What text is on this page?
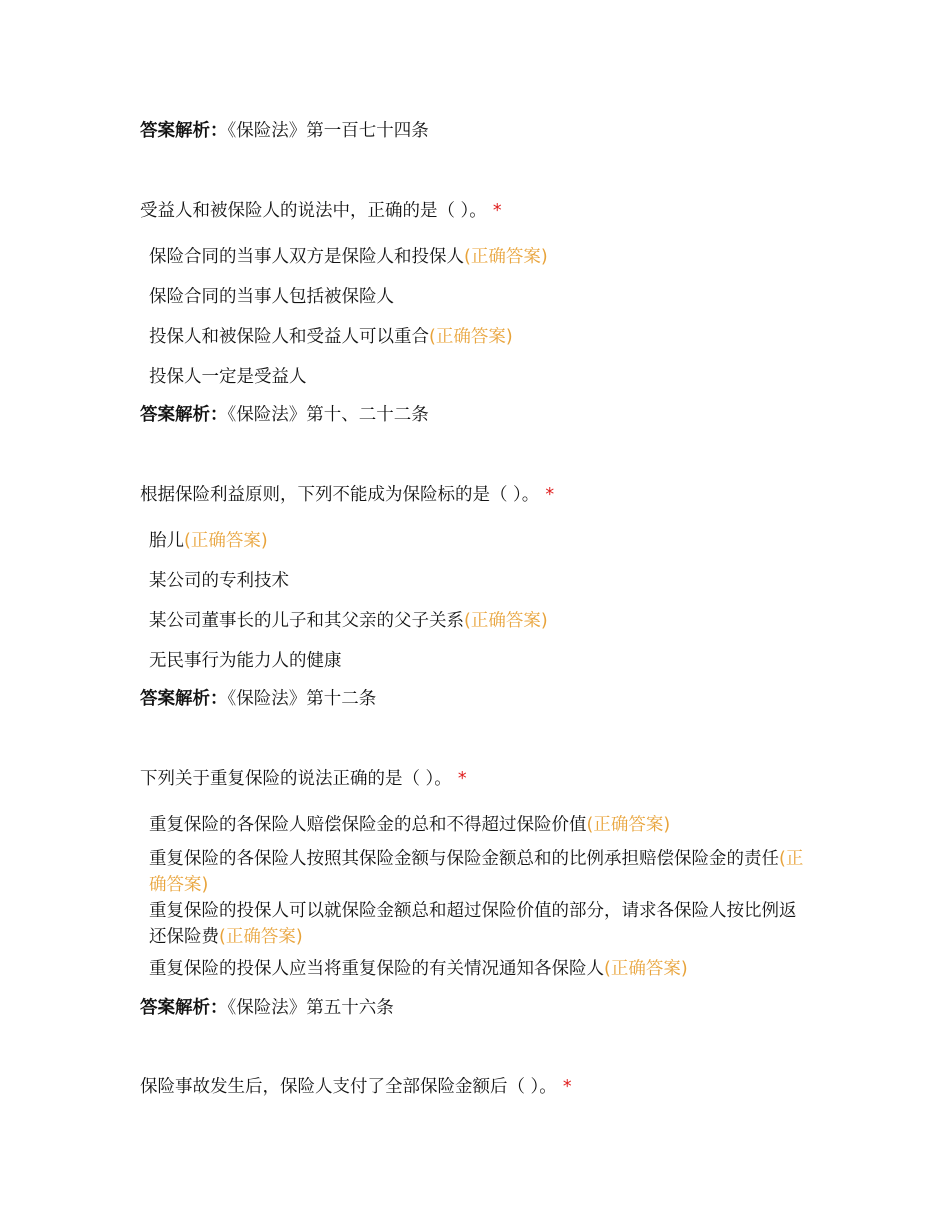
答案解析：《保险法》第一百七十四条
受益人和被保险人的说法中，正确的是（ ）。 *
保险合同的当事人双方是保险人和投保人(正确答案)
保险合同的当事人包括被保险人
投保人和被保险人和受益人可以重合(正确答案)
投保人一定是受益人
答案解析：《保险法》第十、二十二条
根据保险利益原则，下列不能成为保险标的是（ ）。 *
胎儿(正确答案)
某公司的专利技术
某公司董事长的儿子和其父亲的父子关系(正确答案)
无民事行为能力人的健康
答案解析：《保险法》第十二条
下列关于重复保险的说法正确的是（ ）。 *
重复保险的各保险人赔偿保险金的总和不得超过保险价值(正确答案)
重复保险的各保险人按照其保险金额与保险金额总和的比例承担赔偿保险金的责任(正确答案)
重复保险的投保人可以就保险金额总和超过保险价值的部分，请求各保险人按比例返还保险费(正确答案)
重复保险的投保人应当将重复保险的有关情况通知各保险人(正确答案)
答案解析：《保险法》第五十六条
保险事故发生后，保险人支付了全部保险金额后（ ）。 *
